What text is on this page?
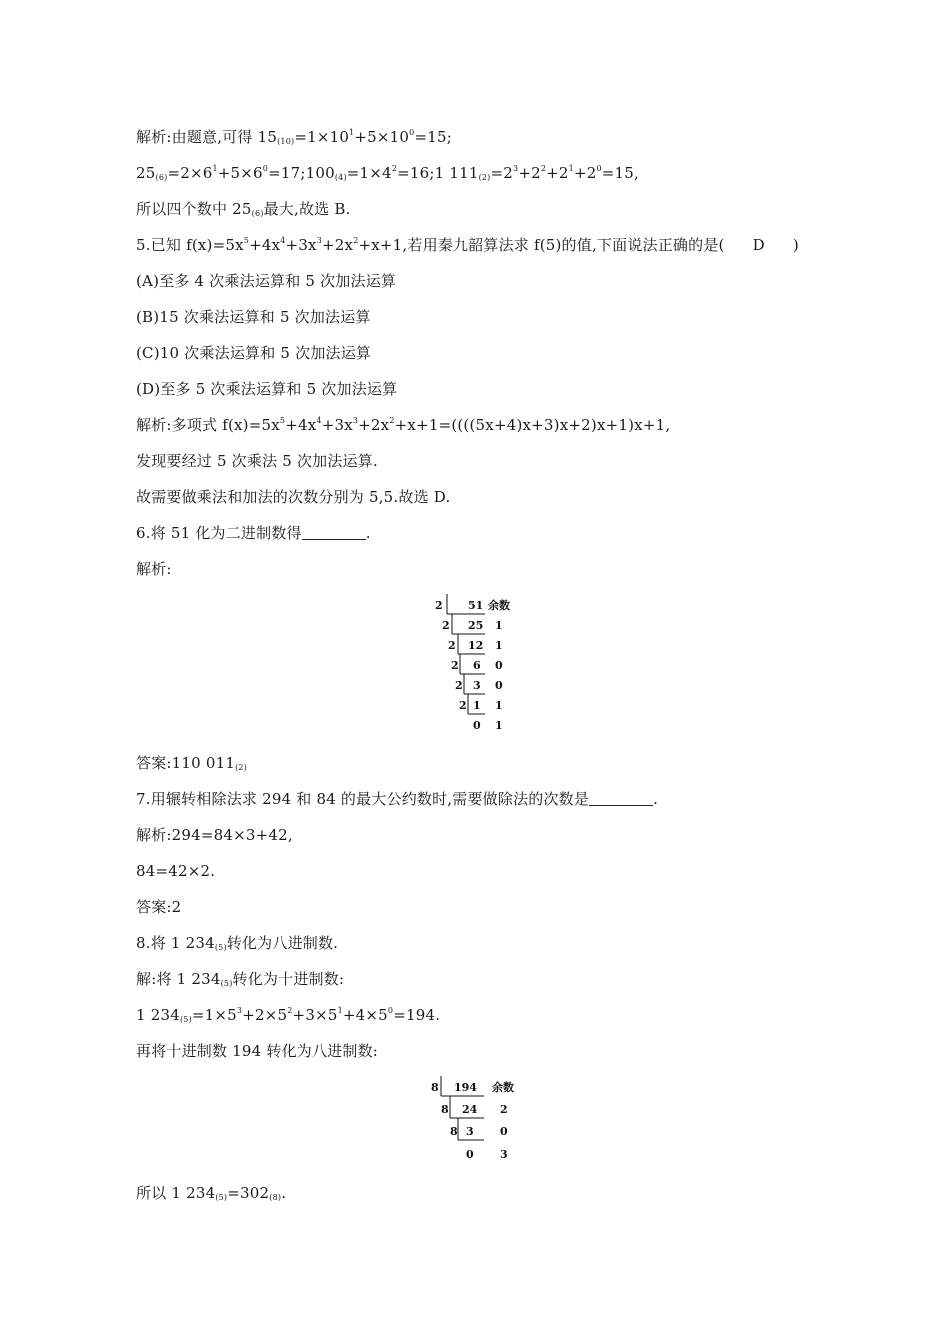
解析:由题意,可得 $15_{(10)}=1\times 10^1+5\times 10^0=15$;
$25_{(6)}=2\times 6^1+5\times 6^0=17;100_{(4)}=1\times 4^2=16;1$ $111_{(2)}=2^3+2^2+2^1+2^0=15$,
所以四个数中 $25_{(6)}$最大,故选 B.
5.已知 $f(x)=5x^5+4x^4+3x^3+2x^2+x+1$,若用秦九韶算法求 f(5)的值,下面说法正确的是( D )
(A)至多 4 次乘法运算和 5 次加法运算
(B)15 次乘法运算和 5 次加法运算
(C)10 次乘法运算和 5 次加法运算
(D)至多 5 次乘法运算和 5 次加法运算
解析:多项式 $f(x)=5x^5+4x^4+3x^3+2x^2+x+1=((((5x+4)x+3)x+2)x+1)x+1$,
发现要经过 5 次乘法 5 次加法运算.
故需要做乘法和加法的次数分别为 5,5.故选 D.
6.将 51 化为二进制数得	.
解析:
2 51 余数
2 25 1
2 12 1
2 6 0
2 3 0
2 1 1
0 1
答案:110 $011_{(2)}$
7.用辗转相除法求 294 和 84 的最大公约数时,需要做除法的次数是	.
解析:294=84×3+42,
84=42×2.
答案:2
8.将 1 $234_{(5)}$转化为八进制数.
解:将 1 $234_{(5)}$转化为十进制数:
1 $234_{(5)}=1\times 5^3+2\times 5^2+3\times 5^1+4\times 5^0=194$.
再将十进制数 194 转化为八进制数:
8 194 余数
8 24 2
8 3 0
0 3
所以 1 $234_{(5)}=302_{(8)}$.
